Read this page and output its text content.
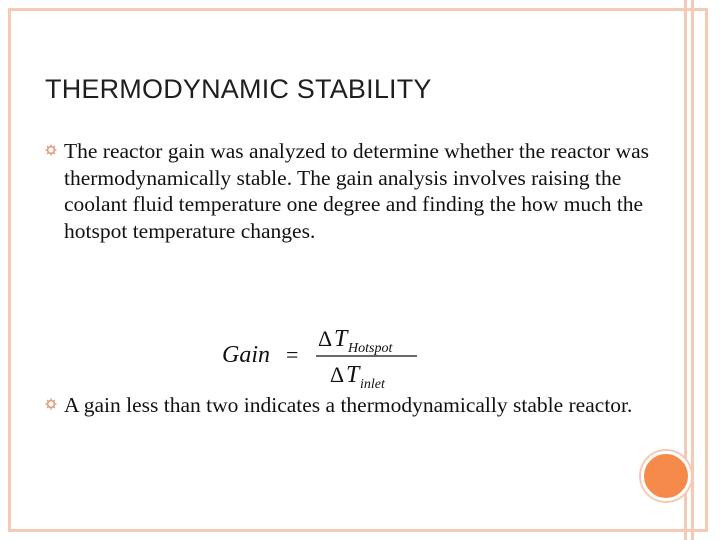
THERMODYNAMIC STABILITY
The reactor gain was analyzed to determine whether the reactor was thermodynamically stable. The gain analysis involves raising the coolant fluid temperature one degree and finding the how much the hotspot temperature changes.
A gain less than two indicates a thermodynamically stable reactor.
Gain =
Δ T Hotspot
Δ T inlet
